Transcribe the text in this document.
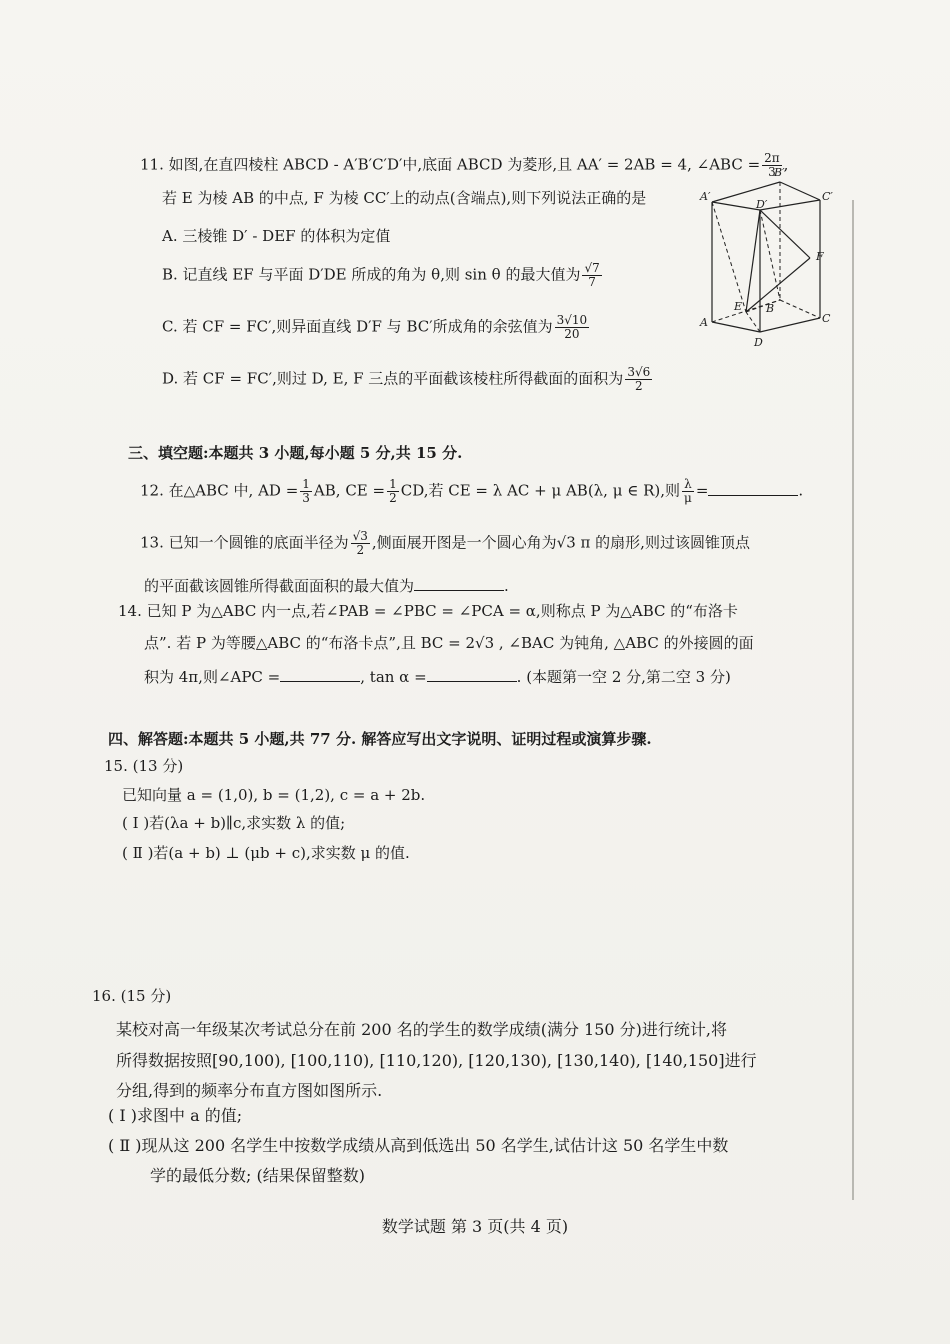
11. 如图,在直四棱柱 ABCD - A′B′C′D′中,底面 ABCD 为菱形,且 AA′ = 2AB = 4, ∠ABC = $\frac{2\pi}{3}$ ,
若 E 为棱 AB 的中点, F 为棱 CC′上的动点(含端点),则下列说法正确的是
A. 三棱锥 D′ - DEF 的体积为定值
B. 记直线 EF 与平面 D′DE 所成的角为 θ,则 sin θ 的最大值为 $\frac{√7}{7}$
C. 若 CF = FC′,则异面直线 D′F 与 BC′所成角的余弦值为 $\frac{3√10}{20}$
D. 若 CF = FC′,则过 D, E, F 三点的平面截该棱柱所得截面的面积为 $\frac{3√6}{2}$
A′
B′
C′
D′
A
B
C
D
E
F
三、填空题:本题共 3 小题,每小题 5 分,共 15 分.
12. 在△ABC 中, AD = $\frac{1}{3}$ AB, CE = $\frac{1}{2}$ CD,若 CE = λ AC + μ AB(λ, μ ∈ R),则 $\frac{\lambda}{\mu}$ =	.
13. 已知一个圆锥的底面半径为 $\frac{√3}{2}$ ,侧面展开图是一个圆心角为√3 π 的扇形,则过该圆锥顶点
的平面截该圆锥所得截面面积的最大值为	.
14. 已知 P 为△ABC 内一点,若∠PAB = ∠PBC = ∠PCA = α,则称点 P 为△ABC 的“布洛卡
点”. 若 P 为等腰△ABC 的“布洛卡点”,且 BC = 2√3 , ∠BAC 为钝角, △ABC 的外接圆的面
积为 4π,则∠APC =	, tan α =	. (本题第一空 2 分,第二空 3 分)
四、解答题:本题共 5 小题,共 77 分. 解答应写出文字说明、证明过程或演算步骤.
15. (13 分)
已知向量 a = (1,0), b = (1,2), c = a + 2b.
( Ⅰ )若(λa + b)∥c,求实数 λ 的值;
( Ⅱ )若(a + b) ⊥ (μb + c),求实数 μ 的值.
16. (15 分)
某校对高一年级某次考试总分在前 200 名的学生的数学成绩(满分 150 分)进行统计,将
所得数据按照[90,100), [100,110), [110,120), [120,130), [130,140), [140,150]进行
分组,得到的频率分布直方图如图所示.
( Ⅰ )求图中 a 的值;
( Ⅱ )现从这 200 名学生中按数学成绩从高到低选出 50 名学生,试估计这 50 名学生中数
学的最低分数; (结果保留整数)
数学试题 第 3 页(共 4 页)
